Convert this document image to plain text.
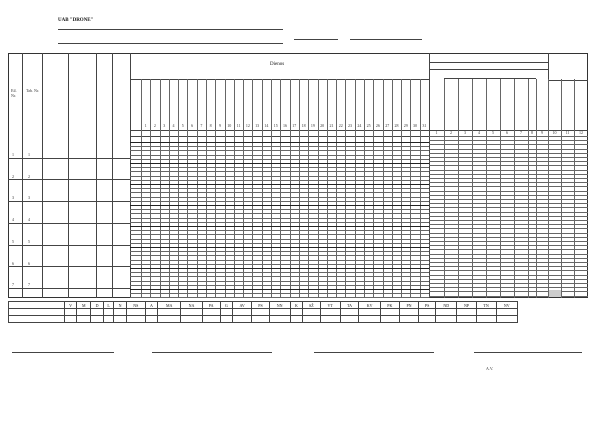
UAB "DRONE"
Eil. Nr.
Tab. Nr.
Dienos
1	2	3	4	5	6	7	8	9	10	11	12	13	14	15	16	17	18	19	20	21	22	23	24	25	26	27	28	29	30	31
1	2	3	4	5	6	7	8	9	10	11	12
1	1
2	2
3	3
4	4
5	5
6	6
7	7
	V	M	D	L	N	NS	A	MA	NA	PA	G	AV	PS	NN	K	SŽ	VT	TA	KV	PK	PN	PS	ND	NP	TN	NV

A.V.
